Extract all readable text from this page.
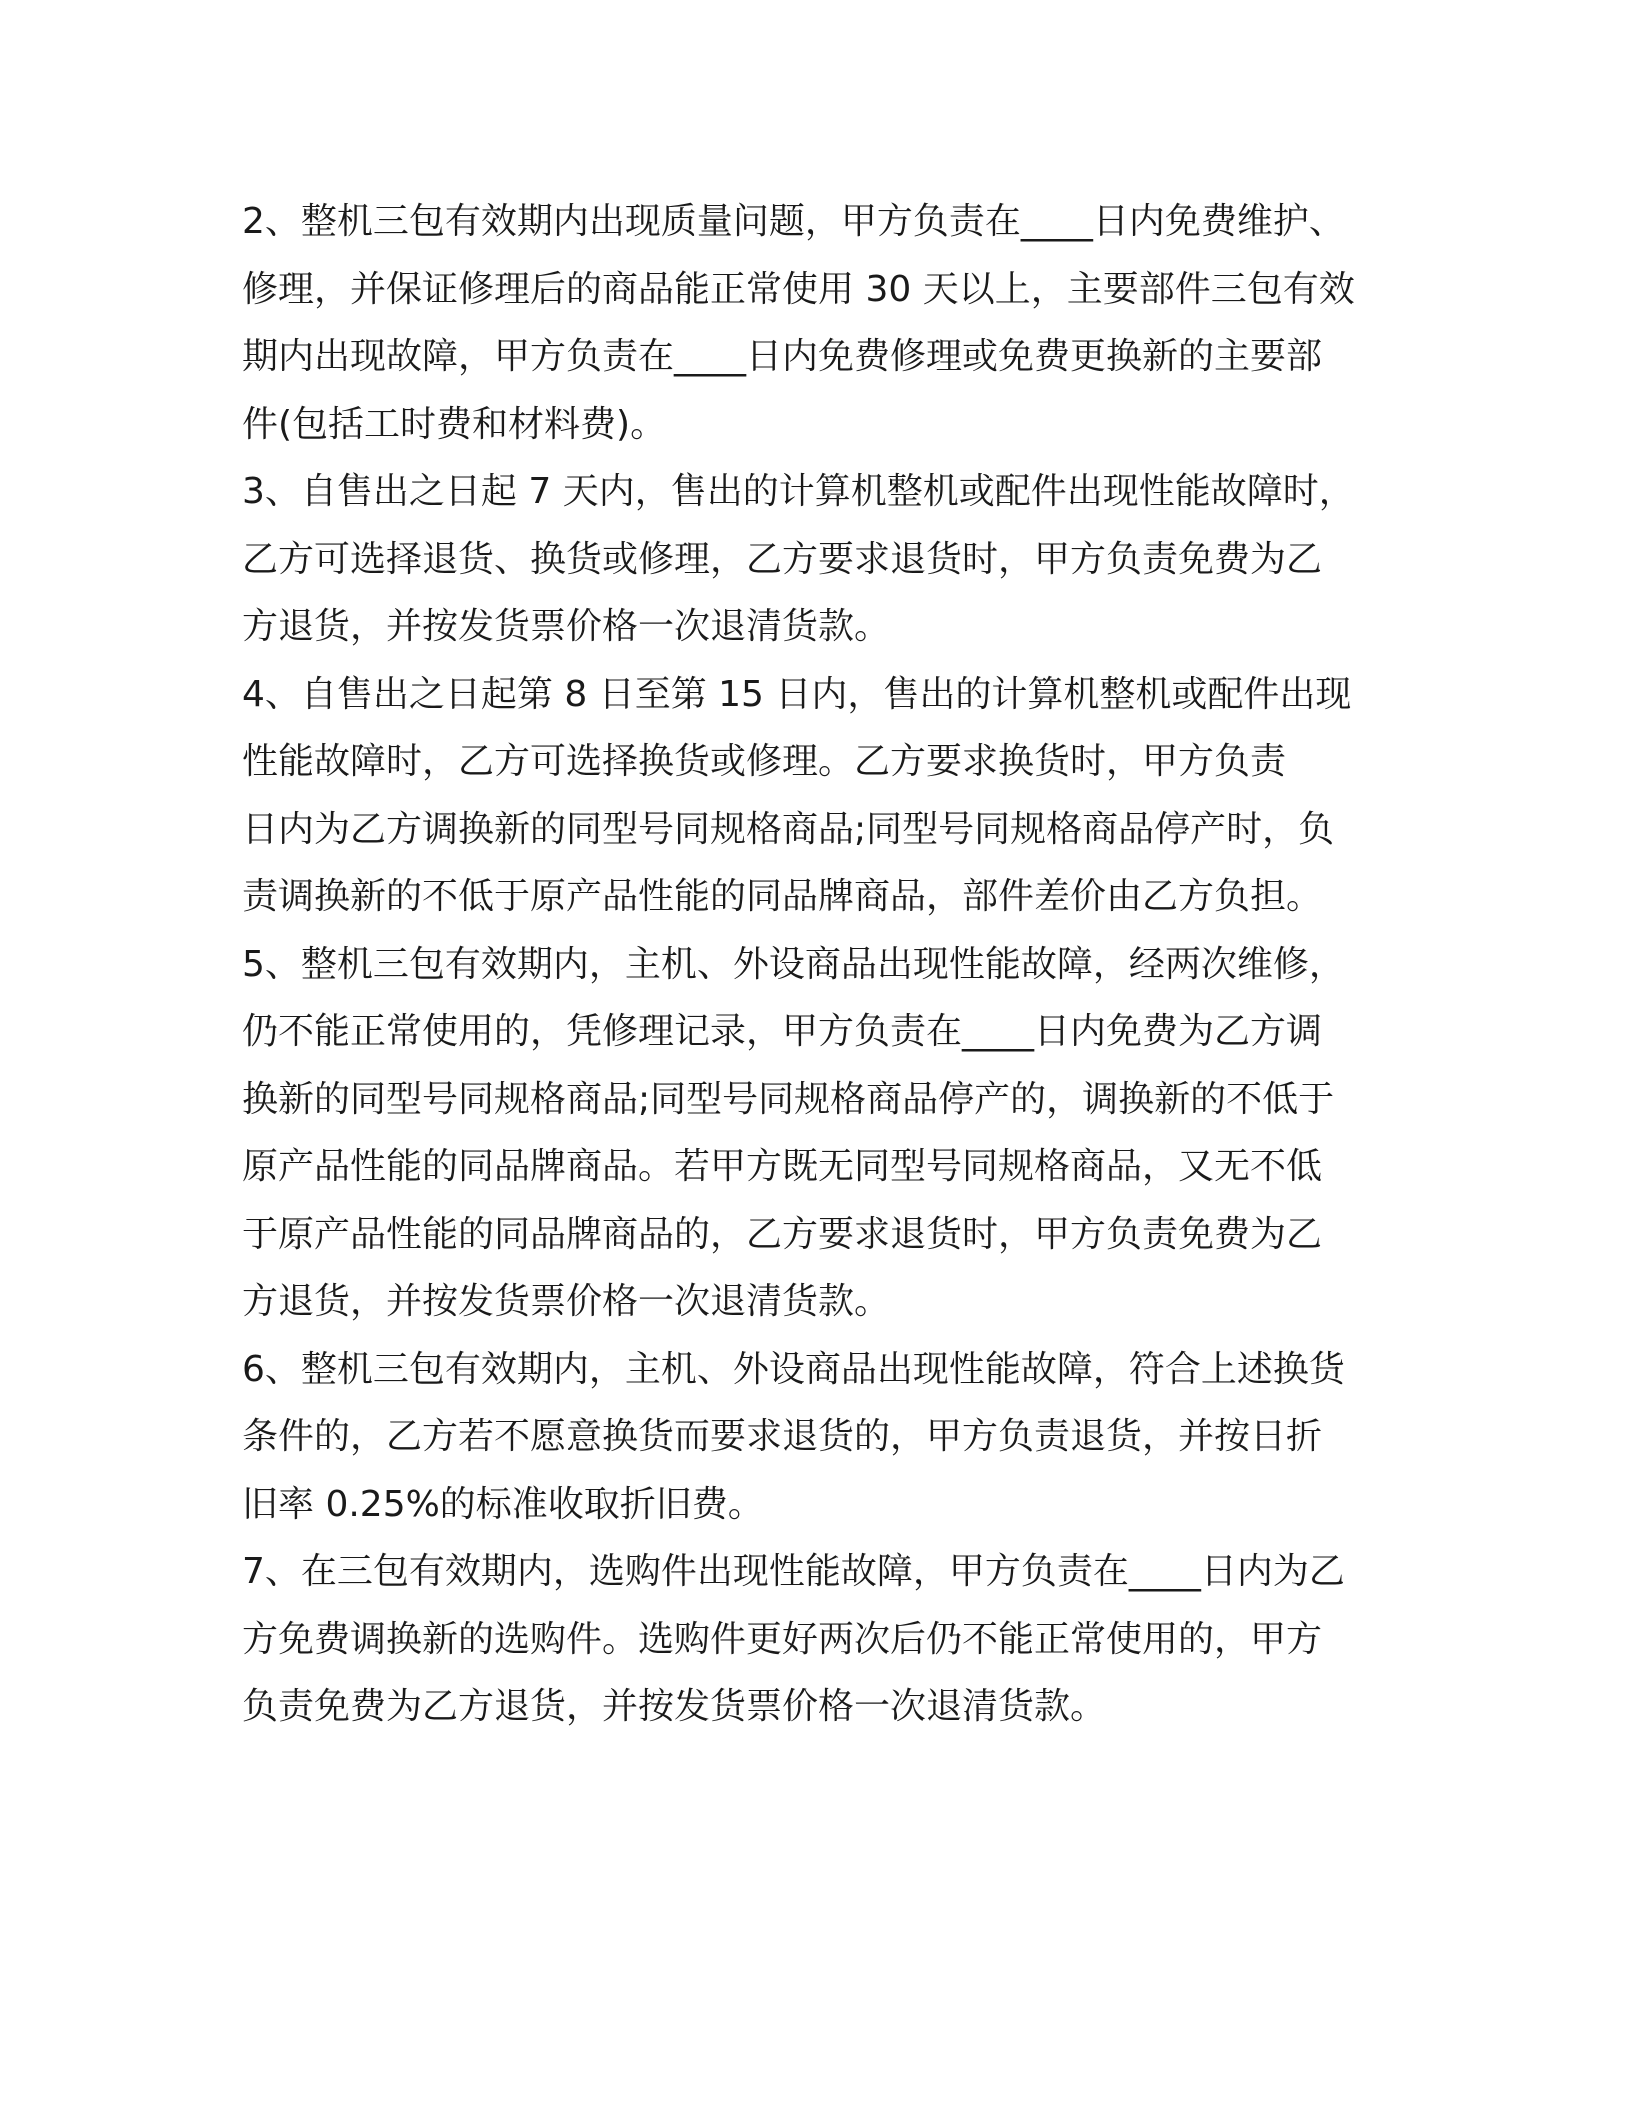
2、整机三包有效期内出现质量问题，甲方负责在____日内免费维护、
修理，并保证修理后的商品能正常使用 30 天以上，主要部件三包有效
期内出现故障，甲方负责在____日内免费修理或免费更换新的主要部
件(包括工时费和材料费)。
3、自售出之日起 7 天内，售出的计算机整机或配件出现性能故障时，
乙方可选择退货、换货或修理，乙方要求退货时，甲方负责免费为乙
方退货，并按发货票价格一次退清货款。
4、自售出之日起第 8 日至第 15 日内，售出的计算机整机或配件出现
性能故障时，乙方可选择换货或修理。乙方要求换货时，甲方负责
日内为乙方调换新的同型号同规格商品;同型号同规格商品停产时，负
责调换新的不低于原产品性能的同品牌商品，部件差价由乙方负担。
5、整机三包有效期内，主机、外设商品出现性能故障，经两次维修，
仍不能正常使用的，凭修理记录，甲方负责在____日内免费为乙方调
换新的同型号同规格商品;同型号同规格商品停产的，调换新的不低于
原产品性能的同品牌商品。若甲方既无同型号同规格商品，又无不低
于原产品性能的同品牌商品的，乙方要求退货时，甲方负责免费为乙
方退货，并按发货票价格一次退清货款。
6、整机三包有效期内，主机、外设商品出现性能故障，符合上述换货
条件的，乙方若不愿意换货而要求退货的，甲方负责退货，并按日折
旧率 0.25%的标准收取折旧费。
7、在三包有效期内，选购件出现性能故障，甲方负责在____日内为乙
方免费调换新的选购件。选购件更好两次后仍不能正常使用的，甲方
负责免费为乙方退货，并按发货票价格一次退清货款。
